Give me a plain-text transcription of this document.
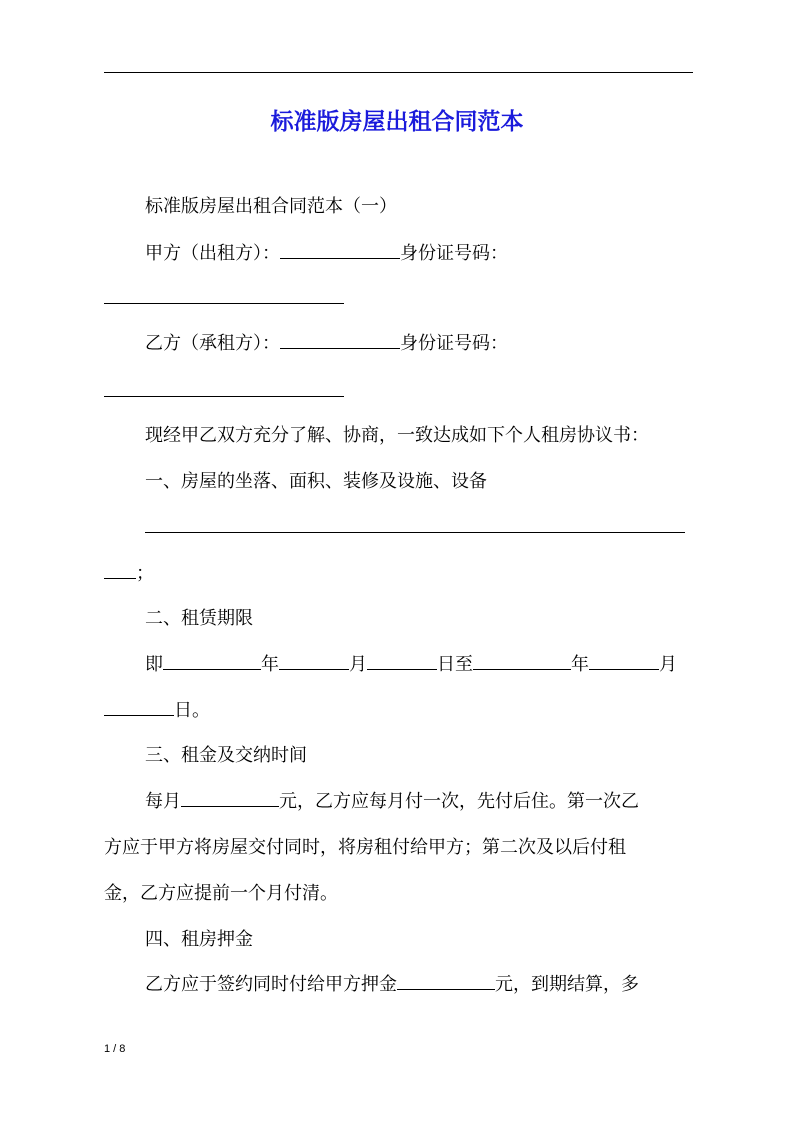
标准版房屋出租合同范本

标准版房屋出租合同范本（一）

甲方（出租方）：	身份证号码：

乙方（承租方）：	身份证号码：

现经甲乙双方充分了解、协商，一致达成如下个人租房协议书：

一、房屋的坐落、面积、装修及设施、设备

；

二、租赁期限

即	年	月	日至	年	月

日。

三、租金及交纳时间

每月	元，乙方应每月付一次，先付后住。第一次乙

方应于甲方将房屋交付同时，将房租付给甲方；第二次及以后付租

金，乙方应提前一个月付清。

四、租房押金

乙方应于签约同时付给甲方押金	元，到期结算，多

1 / 8
